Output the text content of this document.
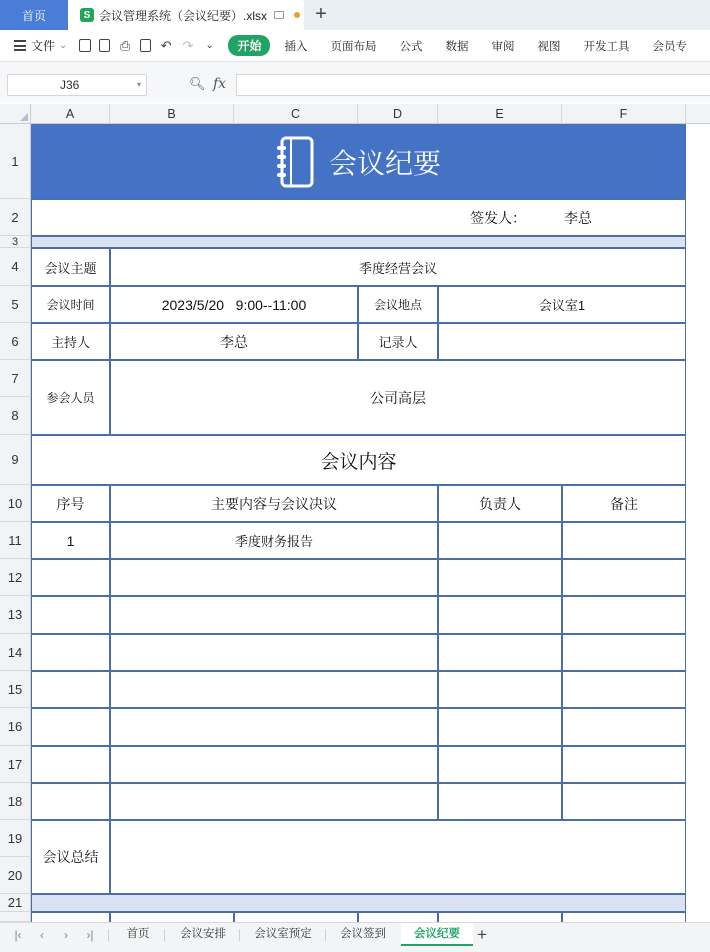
首页	S 会议管理系统（会议纪要）.xlsx +
文件 ⌄	⎙ ↶ ↷ ⌄	开始	插入 页面布局 公式 数据 审阅 视图 开发工具 会员专
J36	▾	🔍︎ fx
A	B	C	D	E	F
1
2
3
4
5
6
7
8
9
10
11
12
13
14
15
16
17
18
19
20
21
会议纪要
签发人：	李总
会议主题	季度经营会议
会议时间	2023/5/20   9:00--11:00	会议地点	会议室1
主持人	李总	记录人
参会人员	公司高层
会议内容
序号	主要内容与会议决议	负责人	备注
1	季度财务报告
会议总结
|‹	‹	›	›|	首页	会议安排	会议室预定	会议签到	会议纪要	+
